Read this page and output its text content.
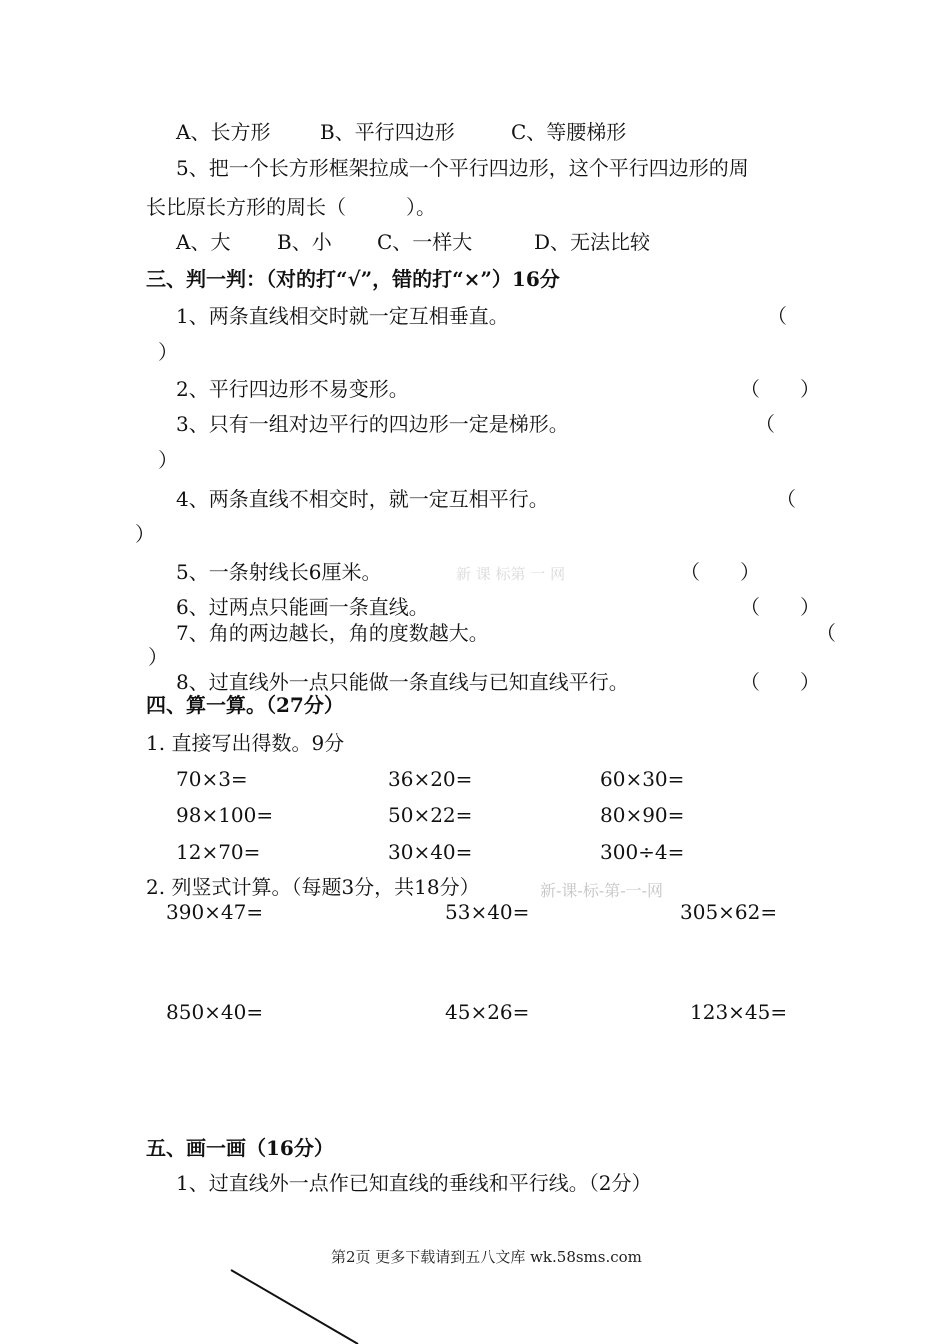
A、长方形 B、平行四边形	C、等腰梯形
5、把一个长方形框架拉成一个平行四边形，这个平行四边形的周
长比原长方形的周长（　　　）。
A、大 B、小 C、一样大	D、无法比较
三、判一判：（对的打“√”，错的打“×”）16分
1、两条直线相交时就一定互相垂直。	（
）
2、平行四边形不易变形。	（　　）
3、只有一组对边平行的四边形一定是梯形。	（
）
4、两条直线不相交时，就一定互相平行。	（
）
5、一条射线长6厘米。	新 课 标第 一 网	（　　）
6、过两点只能画一条直线。	（　　）
7、角的两边越长，角的度数越大。	（
）
8、过直线外一点只能做一条直线与已知直线平行。	（　　）
四、算一算。（27分）
1. 直接写出得数。9分
70×3=	36×20=	60×30=
98×100=	50×22=	80×90=
12×70=	30×40=	300÷4=
2. 列竖式计算。（每题3分，共18分）	新-课-标-第-一-网
390×47=	53×40=	305×62=
850×40=	45×26=	123×45=
五、画一画（16分）
1、过直线外一点作已知直线的垂线和平行线。（2分）
第2页 更多下载请到五八文库 wk.58sms.com
